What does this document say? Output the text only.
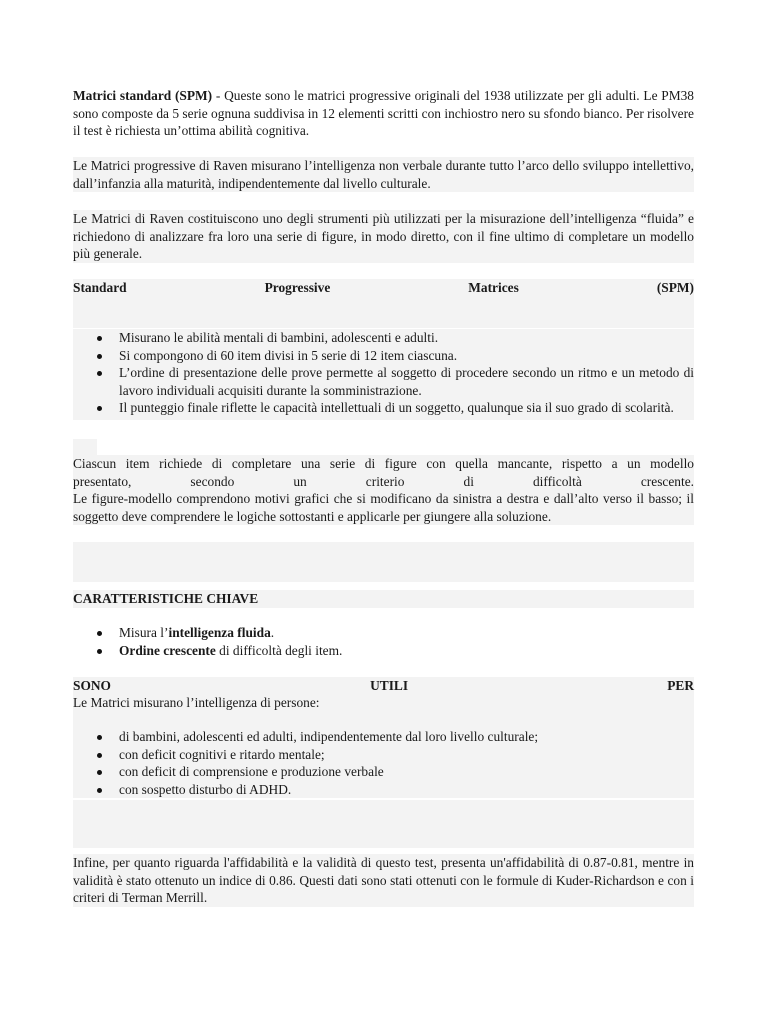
Matrici standard (SPM) - Queste sono le matrici progressive originali del 1938 utilizzate per gli adulti. Le PM38 sono composte da 5 serie ognuna suddivisa in 12 elementi scritti con inchiostro nero su sfondo bianco. Per risolvere il test è richiesta un’ottima abilità cognitiva.

Le Matrici progressive di Raven misurano l’intelligenza non verbale durante tutto l’arco dello sviluppo intellettivo, dall’infanzia alla maturità, indipendentemente dal livello culturale.

Le Matrici di Raven costituiscono uno degli strumenti più utilizzati per la misurazione dell’intelligenza “fluida” e richiedono di analizzare fra loro una serie di figure, in modo diretto, con il fine ultimo di completare un modello più generale.

Standard	Progressive	Matrices	(SPM)
Misurano le abilità mentali di bambini, adolescenti e adulti.
Si compongono di 60 item divisi in 5 serie di 12 item ciascuna.
L’ordine di presentazione delle prove permette al soggetto di procedere secondo un ritmo e un metodo di lavoro individuali acquisiti durante la somministrazione.
Il punteggio finale riflette le capacità intellettuali di un soggetto, qualunque sia il suo grado di scolarità.
Ciascun item richiede di completare una serie di figure con quella mancante, rispetto a un modello
presentato, secondo un criterio di difficoltà crescente.
Le figure-modello comprendono motivi grafici che si modificano da sinistra a destra e dall’alto verso il basso; il soggetto deve comprendere le logiche sottostanti e applicarle per giungere alla soluzione.
CARATTERISTICHE CHIAVE
Misura l’intelligenza fluida.
Ordine crescente di difficoltà degli item.
SONO	UTILI	PER
Le Matrici misurano l’intelligenza di persone:
di bambini, adolescenti ed adulti, indipendentemente dal loro livello culturale;
con deficit cognitivi e ritardo mentale;
con deficit di comprensione e produzione verbale
con sospetto disturbo di ADHD.

Infine, per quanto riguarda l'affidabilità e la validità di questo test, presenta un'affidabilità di 0.87-0.81, mentre in validità è stato ottenuto un indice di 0.86. Questi dati sono stati ottenuti con le formule di Kuder-Richardson e con i criteri di Terman Merrill.
